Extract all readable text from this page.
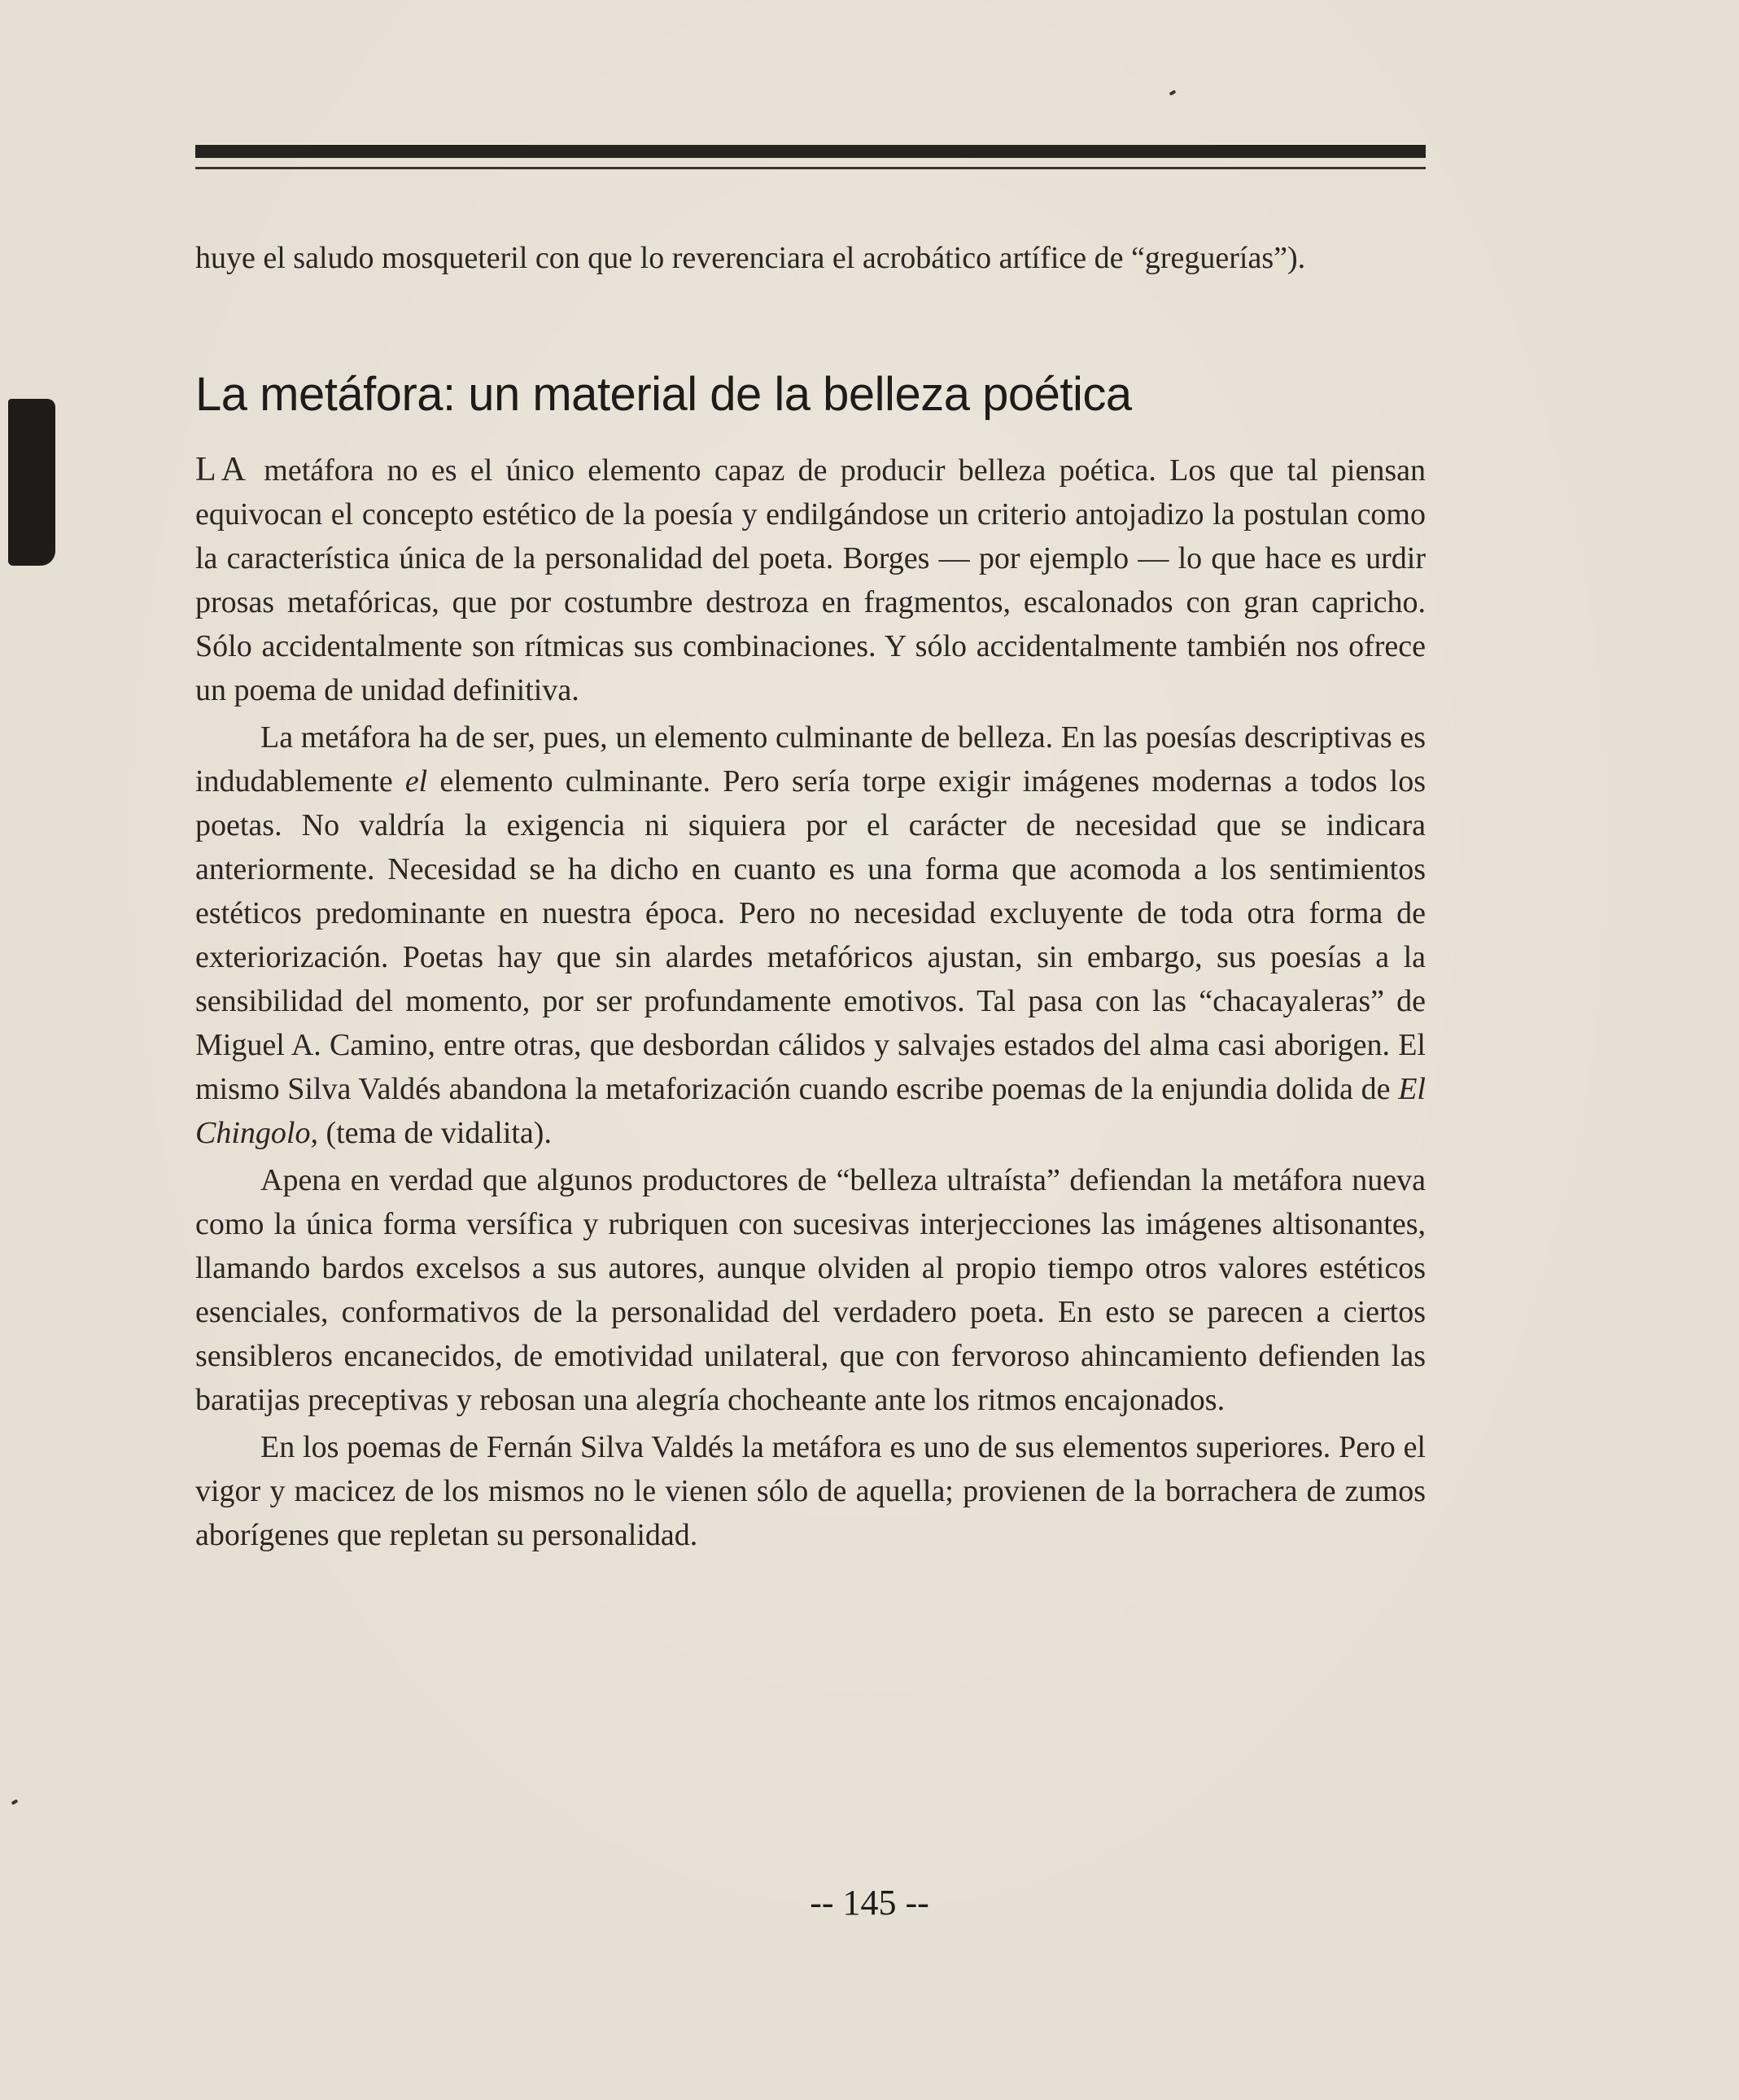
huye el saludo mosqueteril con que lo reverenciara el acrobático artífice de “greguerías”).
La metáfora: un material de la belleza poética

LA metáfora no es el único elemento capaz de producir belleza poética. Los que tal piensan equivocan el concepto estético de la poesía y endilgándose un criterio antojadizo la postulan como la característica única de la personalidad del poeta. Borges — por ejemplo — lo que hace es urdir prosas metafóricas, que por costumbre destroza en fragmentos, escalonados con gran capricho. Sólo accidentalmente son rítmicas sus combinaciones. Y sólo accidentalmente también nos ofrece un poema de unidad definitiva.

La metáfora ha de ser, pues, un elemento culminante de belleza. En las poesías descriptivas es indudablemente el elemento culminante. Pero sería torpe exigir imágenes modernas a todos los poetas. No valdría la exigencia ni siquiera por el carácter de necesidad que se indicara anteriormente. Necesidad se ha dicho en cuanto es una forma que acomoda a los sentimientos estéticos predominante en nuestra época. Pero no necesidad excluyente de toda otra forma de exteriorización. Poetas hay que sin alardes metafóricos ajustan, sin embargo, sus poesías a la sensibilidad del momento, por ser profundamente emotivos. Tal pasa con las “chacayaleras” de Miguel A. Camino, entre otras, que desbordan cálidos y salvajes estados del alma casi aborigen. El mismo Silva Valdés abandona la metaforización cuando escribe poemas de la enjundia dolida de El Chingolo, (tema de vidalita).

Apena en verdad que algunos productores de “belleza ultraísta” defiendan la metáfora nueva como la única forma versífica y rubriquen con sucesivas interjecciones las imágenes altisonantes, llamando bardos excelsos a sus autores, aunque olviden al propio tiempo otros valores estéticos esenciales, conformativos de la personalidad del verdadero poeta. En esto se parecen a ciertos sensibleros encanecidos, de emotividad unilateral, que con fervoroso ahincamiento defienden las baratijas preceptivas y rebosan una alegría chocheante ante los ritmos encajonados.

En los poemas de Fernán Silva Valdés la metáfora es uno de sus elementos superiores. Pero el vigor y macicez de los mismos no le vienen sólo de aquella; provienen de la borrachera de zumos aborígenes que repletan su personalidad.

-- 145 --
